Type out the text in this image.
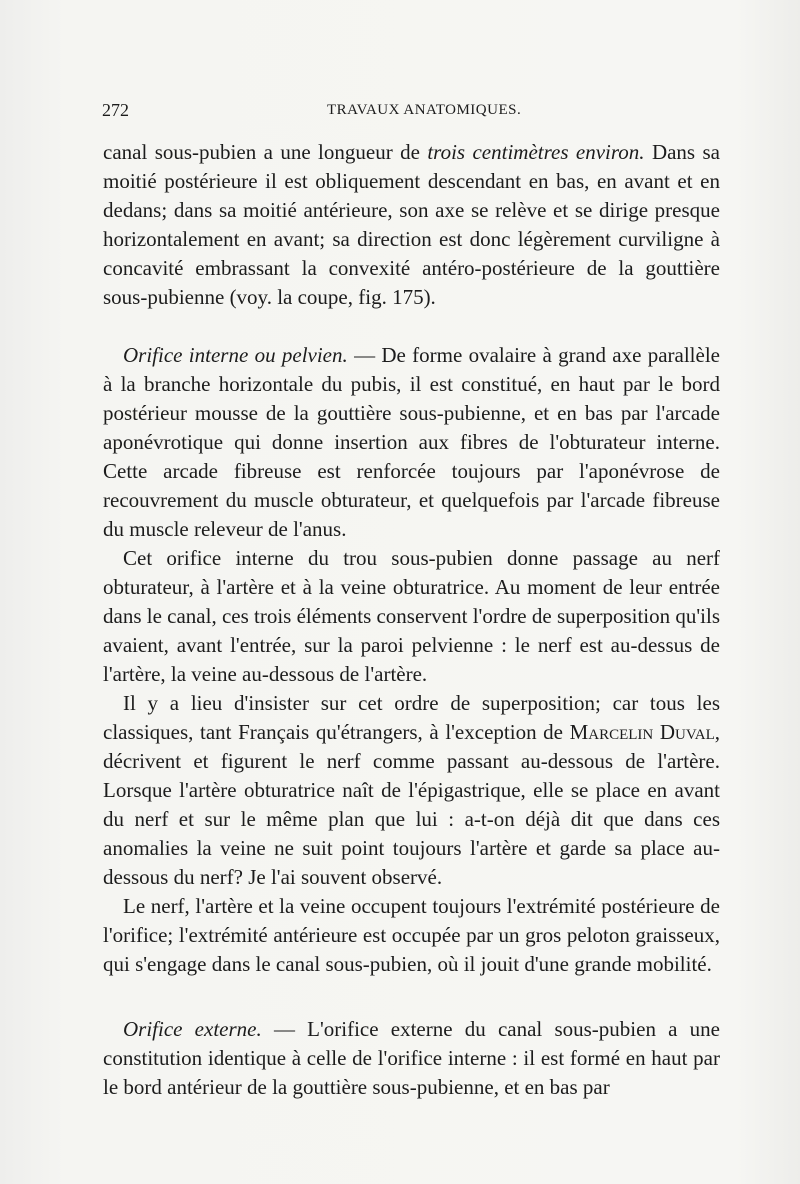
272	TRAVAUX ANATOMIQUES.

canal sous-pubien a une longueur de trois centimètres environ. Dans sa moitié postérieure il est obliquement descendant en bas, en avant et en dedans; dans sa moitié antérieure, son axe se relève et se dirige presque horizontalement en avant; sa direction est donc légèrement curviligne à concavité embrassant la convexité antéro-postérieure de la gouttière sous-pubienne (voy. la coupe, fig. 175).

Orifice interne ou pelvien. — De forme ovalaire à grand axe parallèle à la branche horizontale du pubis, il est constitué, en haut par le bord postérieur mousse de la gouttière sous-pubienne, et en bas par l'arcade aponévrotique qui donne insertion aux fibres de l'obturateur interne. Cette arcade fibreuse est renforcée toujours par l'aponévrose de recouvrement du muscle obturateur, et quelquefois par l'arcade fibreuse du muscle releveur de l'anus.

Cet orifice interne du trou sous-pubien donne passage au nerf obturateur, à l'artère et à la veine obturatrice. Au moment de leur entrée dans le canal, ces trois éléments conservent l'ordre de superposition qu'ils avaient, avant l'entrée, sur la paroi pelvienne : le nerf est au-dessus de l'artère, la veine au-dessous de l'artère.

Il y a lieu d'insister sur cet ordre de superposition; car tous les classiques, tant Français qu'étrangers, à l'exception de Marcelin Duval, décrivent et figurent le nerf comme passant au-dessous de l'artère. Lorsque l'artère obturatrice naît de l'épigastrique, elle se place en avant du nerf et sur le même plan que lui : a-t-on déjà dit que dans ces anomalies la veine ne suit point toujours l'artère et garde sa place au-dessous du nerf? Je l'ai souvent observé.

Le nerf, l'artère et la veine occupent toujours l'extrémité postérieure de l'orifice; l'extrémité antérieure est occupée par un gros peloton graisseux, qui s'engage dans le canal sous-pubien, où il jouit d'une grande mobilité.

Orifice externe. — L'orifice externe du canal sous-pubien a une constitution identique à celle de l'orifice interne : il est formé en haut par le bord antérieur de la gouttière sous-pubienne, et en bas par
